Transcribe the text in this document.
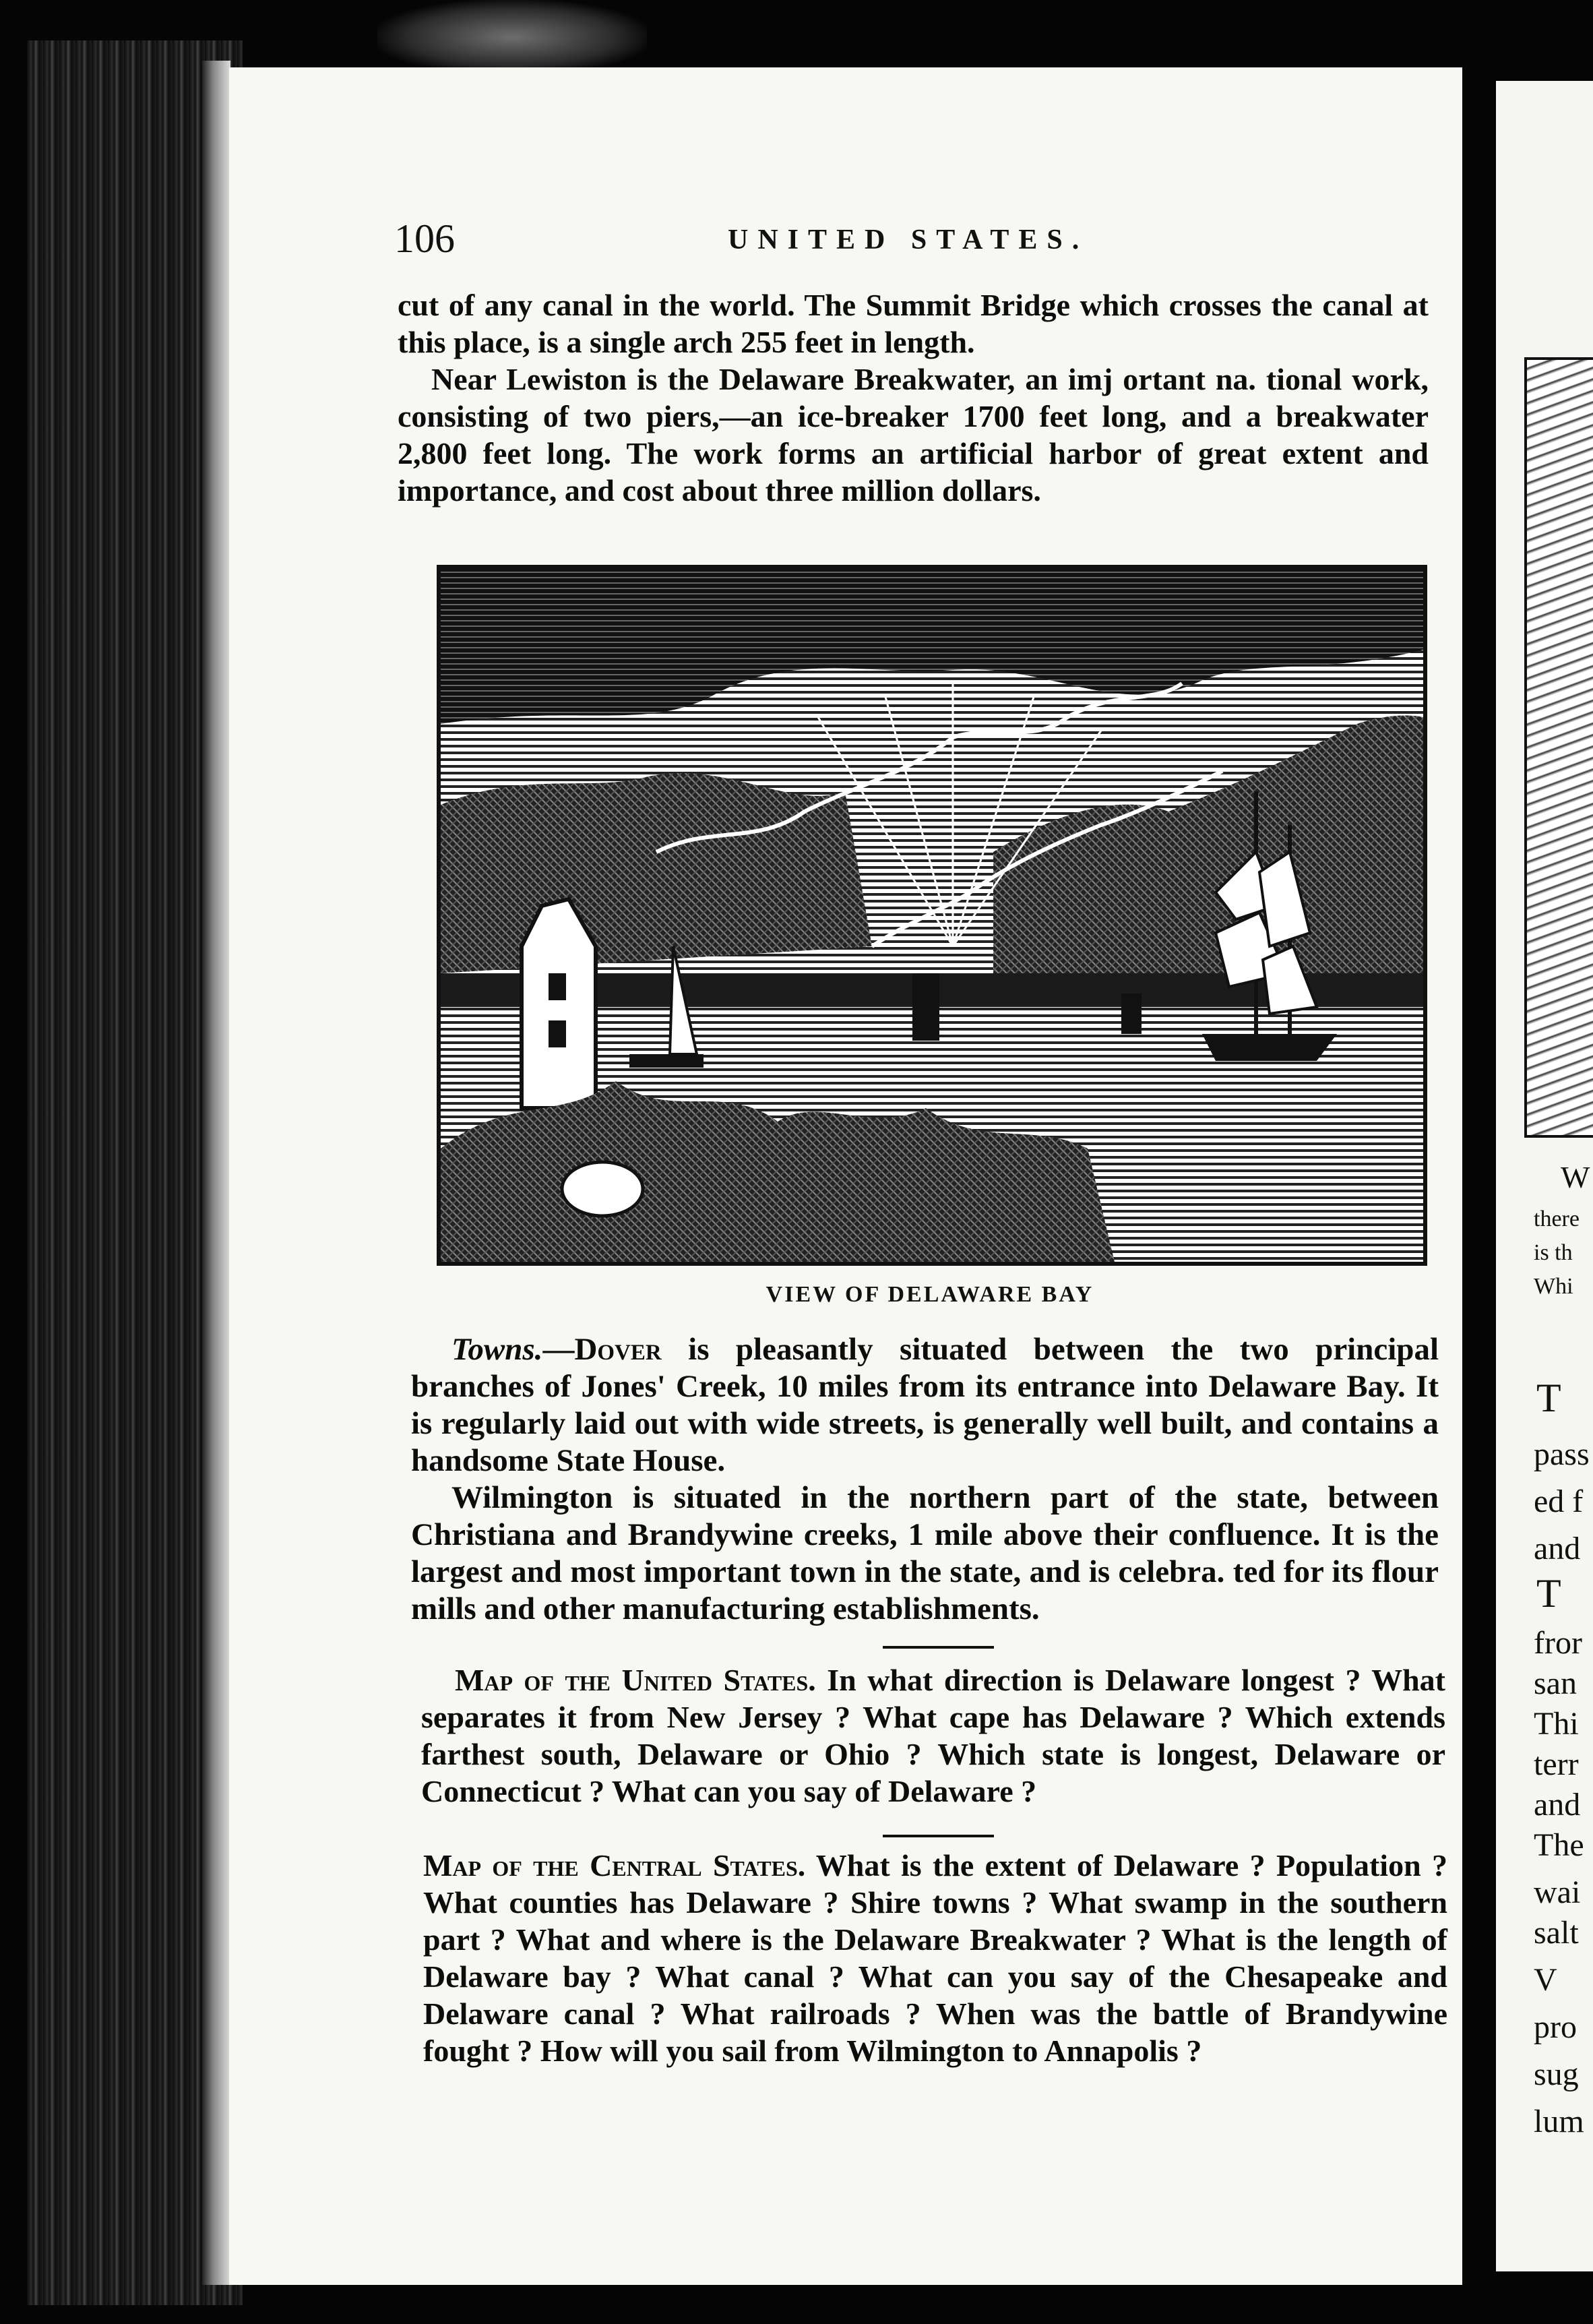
W
there
is th
Whi
T
pass
ed f
and
T
fror
san
Thi
terr
and
The
wai
salt
V
pro
sug
lum
106	UNITED STATES.

cut of any canal in the world. The Summit Bridge which crosses the canal at this place, is a single arch 255 feet in length.

Near Lewiston is the Delaware Breakwater, an imj ortant na. tional work, consisting of two piers,—an ice-breaker 1700 feet long, and a breakwater 2,800 feet long. The work forms an artificial harbor of great extent and importance, and cost about three million dollars.

VIEW OF DELAWARE BAY

Towns.—Dover is pleasantly situated between the two principal branches of Jones' Creek, 10 miles from its entrance into Delaware Bay. It is regularly laid out with wide streets, is generally well built, and contains a handsome State House.

Wilmington is situated in the northern part of the state, between Christiana and Brandywine creeks, 1 mile above their confluence. It is the largest and most important town in the state, and is celebra. ted for its flour mills and other manufacturing establishments.

Map of the United States. In what direction is Delaware longest ? What separates it from New Jersey ? What cape has Delaware ? Which extends farthest south, Delaware or Ohio ? Which state is longest, Delaware or Connecticut ? What can you say of Delaware ?

Map of the Central States. What is the extent of Delaware ? Population ? What counties has Delaware ? Shire towns ? What swamp in the southern part ? What and where is the Delaware Breakwater ? What is the length of Delaware bay ? What canal ? What can you say of the Chesapeake and Delaware canal ? What railroads ? When was the battle of Brandywine fought ? How will you sail from Wilmington to Annapolis ?
